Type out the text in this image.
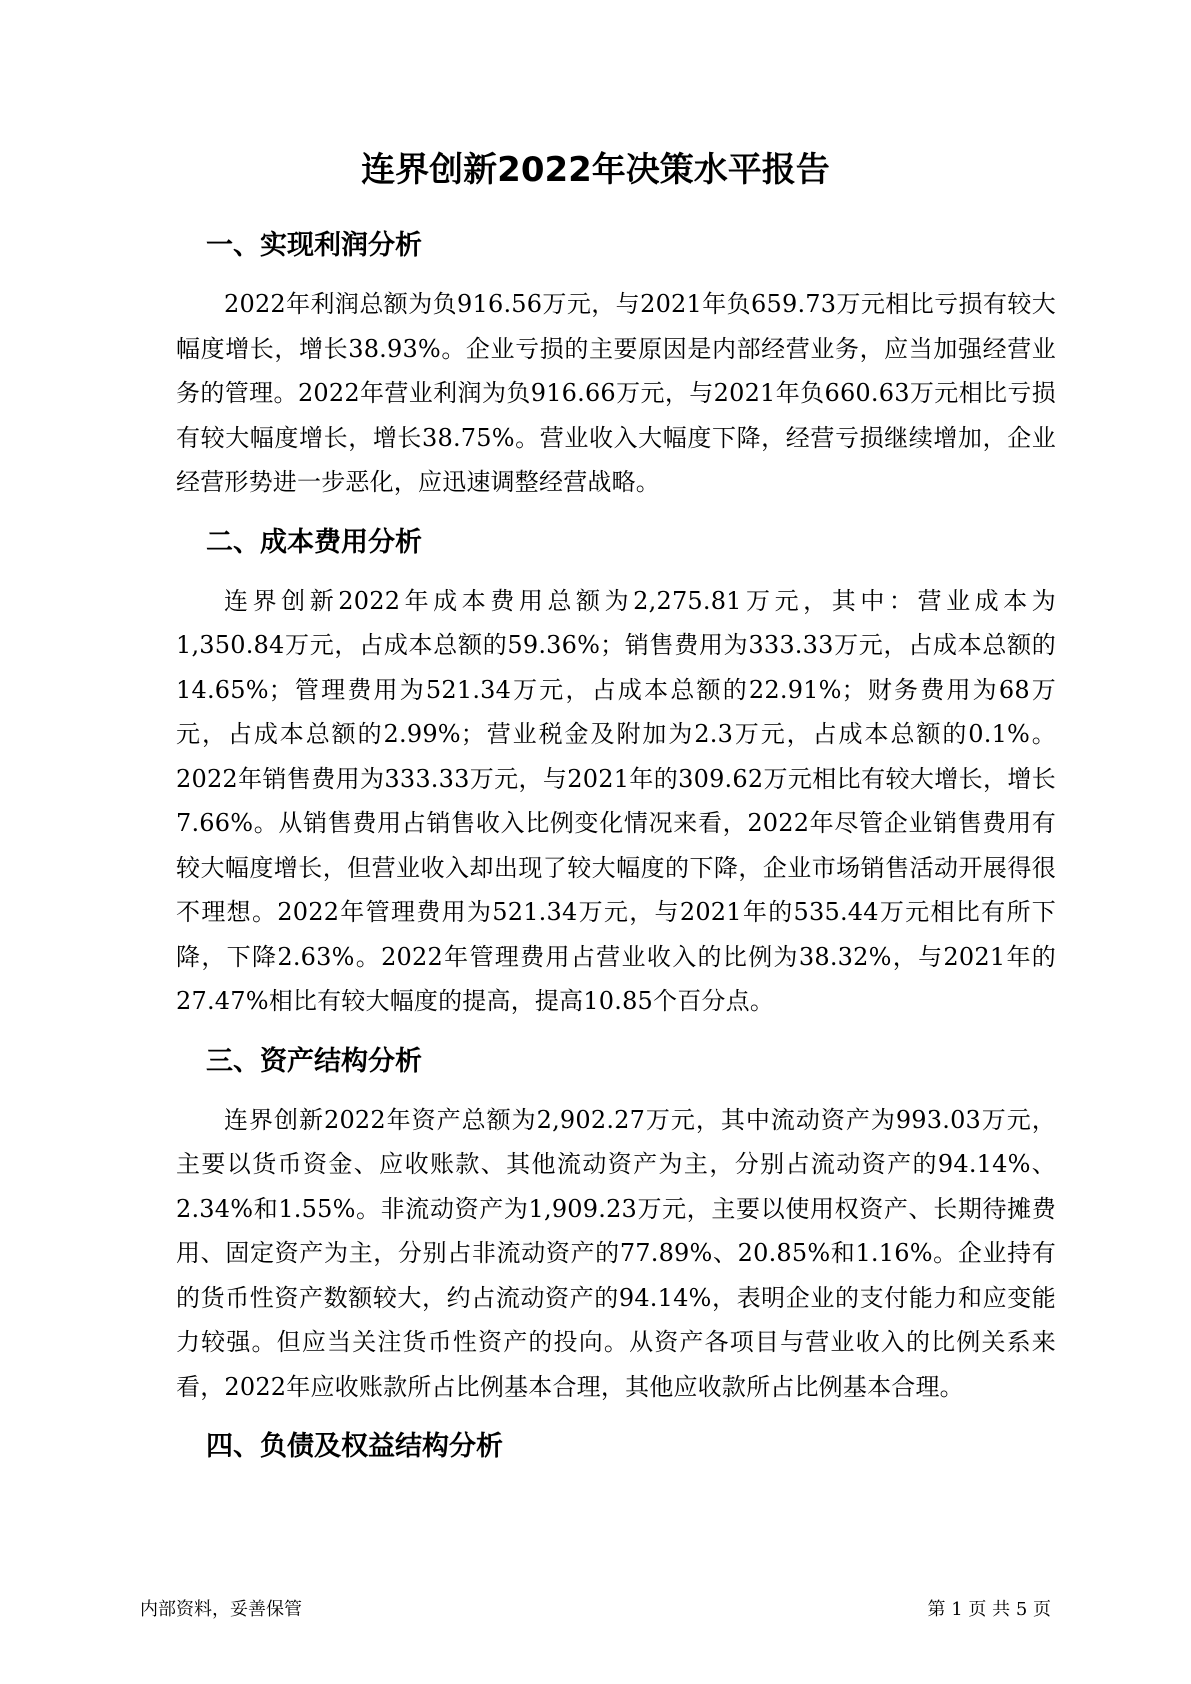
连界创新2022年决策水平报告
一、实现利润分析

2022年利润总额为负916.56万元，与2021年负659.73万元相比亏损有较大幅度增长，增长38.93%。企业亏损的主要原因是内部经营业务，应当加强经营业务的管理。2022年营业利润为负916.66万元，与2021年负660.63万元相比亏损有较大幅度增长，增长38.75%。营业收入大幅度下降，经营亏损继续增加，企业经营形势进一步恶化，应迅速调整经营战略。

二、成本费用分析

连界创新2022年成本费用总额为2,275.81万元，其中：营业成本为1,350.84万元，占成本总额的59.36%；销售费用为333.33万元，占成本总额的14.65%；管理费用为521.34万元，占成本总额的22.91%；财务费用为68万元，占成本总额的2.99%；营业税金及附加为2.3万元，占成本总额的0.1%。2022年销售费用为333.33万元，与2021年的309.62万元相比有较大增长，增长7.66%。从销售费用占销售收入比例变化情况来看，2022年尽管企业销售费用有较大幅度增长，但营业收入却出现了较大幅度的下降，企业市场销售活动开展得很不理想。2022年管理费用为521.34万元，与2021年的535.44万元相比有所下降，下降2.63%。2022年管理费用占营业收入的比例为38.32%，与2021年的27.47%相比有较大幅度的提高，提高10.85个百分点。

三、资产结构分析

连界创新2022年资产总额为2,902.27万元，其中流动资产为993.03万元，主要以货币资金、应收账款、其他流动资产为主，分别占流动资产的94.14%、2.34%和1.55%。非流动资产为1,909.23万元，主要以使用权资产、长期待摊费用、固定资产为主，分别占非流动资产的77.89%、20.85%和1.16%。企业持有的货币性资产数额较大，约占流动资产的94.14%，表明企业的支付能力和应变能力较强。但应当关注货币性资产的投向。从资产各项目与营业收入的比例关系来看，2022年应收账款所占比例基本合理，其他应收款所占比例基本合理。

四、负债及权益结构分析
内部资料，妥善保管	第 1 页 共 5 页
